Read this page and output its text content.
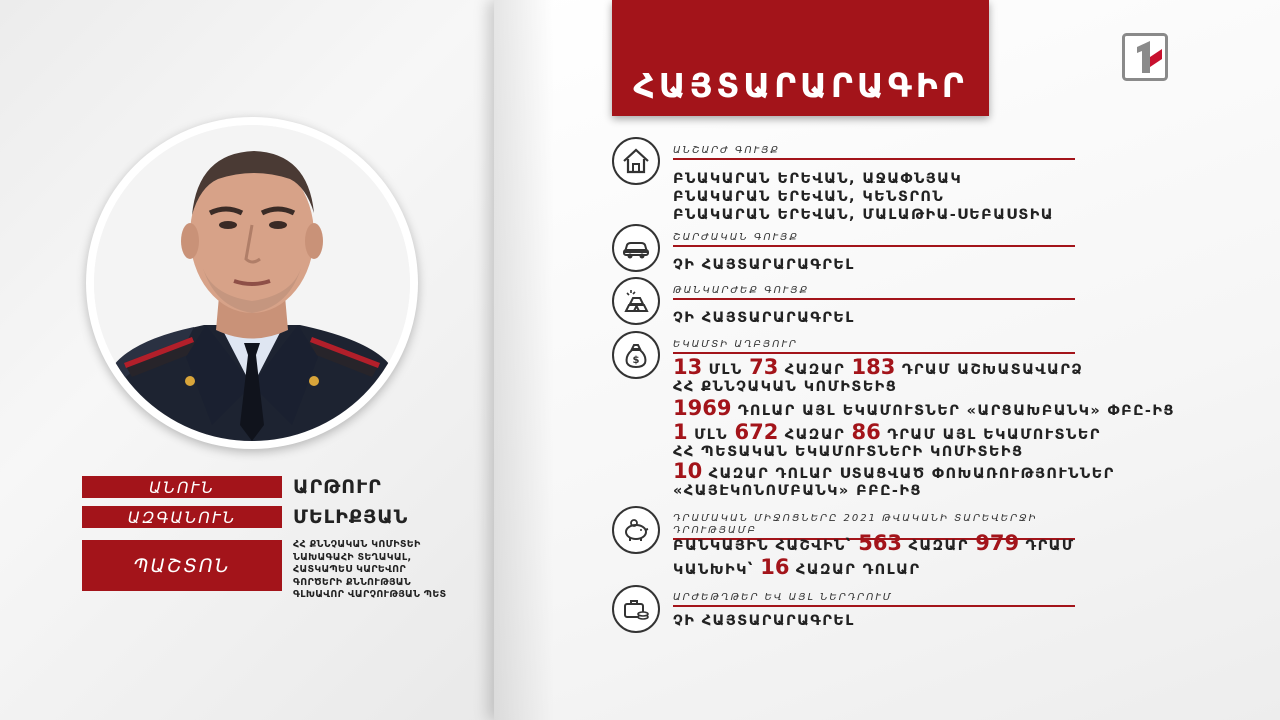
ԱՆՈՒՆ	ԱՐԹՈՒՐ
ԱԶԳԱՆՈՒՆ	ՄԵԼԻՔՅԱՆ
ՊԱՇՏՈՆ
ՀՀ ՔՆՆՉԱԿԱՆ ԿՈՄԻՏԵԻ
ՆԱԽԱԳԱՀԻ ՏԵՂԱԿԱԼ,
ՀԱՏԿԱՊԵՍ ԿԱՐԵՎՈՐ
ԳՈՐԾԵՐԻ ՔՆՆՈՒԹՅԱՆ
ԳԼԽԱՎՈՐ ՎԱՐՉՈՒԹՅԱՆ ՊԵՏ
ՀԱՅՏԱՐԱՐԱԳԻՐ
ԱՆՇԱՐԺ ԳՈՒՅՔ
ԲՆԱԿԱՐԱՆ ԵՐԵՎԱՆ, ԱՋԱՓՆՅԱԿ
ԲՆԱԿԱՐԱՆ ԵՐԵՎԱՆ, ԿԵՆՏՐՈՆ
ԲՆԱԿԱՐԱՆ ԵՐԵՎԱՆ, ՄԱԼԱԹԻԱ-ՍԵԲԱՍՏԻԱ
ՇԱՐԺԱԿԱՆ ԳՈՒՅՔ
ՉԻ ՀԱՅՏԱՐԱՐԱԳՐԵԼ
ԹԱՆԿԱՐԺԵՔ ԳՈՒՅՔ
ՉԻ ՀԱՅՏԱՐԱՐԱԳՐԵԼ
$
ԵԿԱՄՏԻ ԱՂԲՅՈՒՐ
13 ՄԼՆ 73 ՀԱԶԱՐ 183 ԴՐԱՄ ԱՇԽԱՏԱՎԱՐՁ
ՀՀ ՔՆՆՉԱԿԱՆ ԿՈՄԻՏԵԻՑ
1969 ԴՈԼԱՐ ԱՅԼ ԵԿԱՄՈՒՏՆԵՐ «ԱՐՑԱԽԲԱՆԿ» ՓԲԸ-ԻՑ
1 ՄԼՆ 672 ՀԱԶԱՐ 86 ԴՐԱՄ ԱՅԼ ԵԿԱՄՈՒՏՆԵՐ
ՀՀ ՊԵՏԱԿԱՆ ԵԿԱՄՈՒՏՆԵՐԻ ԿՈՄԻՏԵԻՑ
10 ՀԱԶԱՐ ԴՈԼԱՐ ՍՏԱՑՎԱԾ ՓՈԽԱՌՈՒԹՅՈՒՆՆԵՐ
«ՀԱՅԷԿՈՆՈՄԲԱՆԿ» ԲԲԸ-ԻՑ
ԴՐԱՄԱԿԱՆ ՄԻՋՈՑՆԵՐԸ 2021 ԹՎԱԿԱՆԻ ՏԱՐԵՎԵՐՋԻ ԴՐՈՒԹՅԱՄԲ
ԲԱՆԿԱՅԻՆ ՀԱՇՎԻՆ՝ 563 ՀԱԶԱՐ 979 ԴՐԱՄ
ԿԱՆԽԻԿ՝ 16 ՀԱԶԱՐ ԴՈԼԱՐ
ԱՐԺԵԹՂԹԵՐ ԵՎ ԱՅԼ ՆԵՐԴՐՈՒՄ
ՉԻ ՀԱՅՏԱՐԱՐԱԳՐԵԼ
